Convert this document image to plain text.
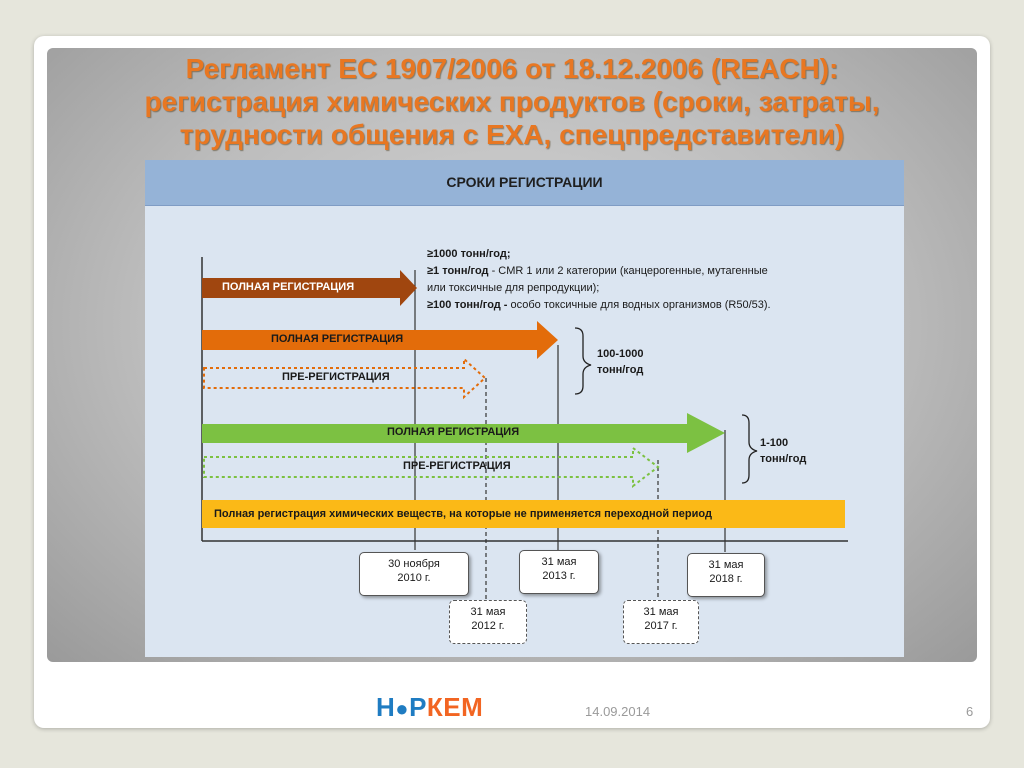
Регламент ЕС 1907/2006 от 18.12.2006 (REACH):
регистрация химических продуктов (сроки, затраты,
трудности общения с ЕХА, спецпредставители)
СРОКИ РЕГИСТРАЦИИ
≥1000 тонн/год;
≥1 тонн/год - CMR 1 или 2 категории (канцерогенные, мутагенные
или токсичные для репродукции);
≥100 тонн/год - особо токсичные для водных организмов (R50/53).
ПОЛНАЯ РЕГИСТРАЦИЯ
ПОЛНАЯ РЕГИСТРАЦИЯ
ПРЕ-РЕГИСТРАЦИЯ
ПОЛНАЯ РЕГИСТРАЦИЯ
ПРЕ-РЕГИСТРАЦИЯ
100-1000
тонн/год
1-100
тонн/год
Полная регистрация химических веществ, на которые не применяется переходной период
30 ноября
2010 г.
31 мая
2013 г.
31 мая
2018 г.
31 мая
2012 г.
31 мая
2017 г.
Н●РКЕМ	14.09.2014	6
